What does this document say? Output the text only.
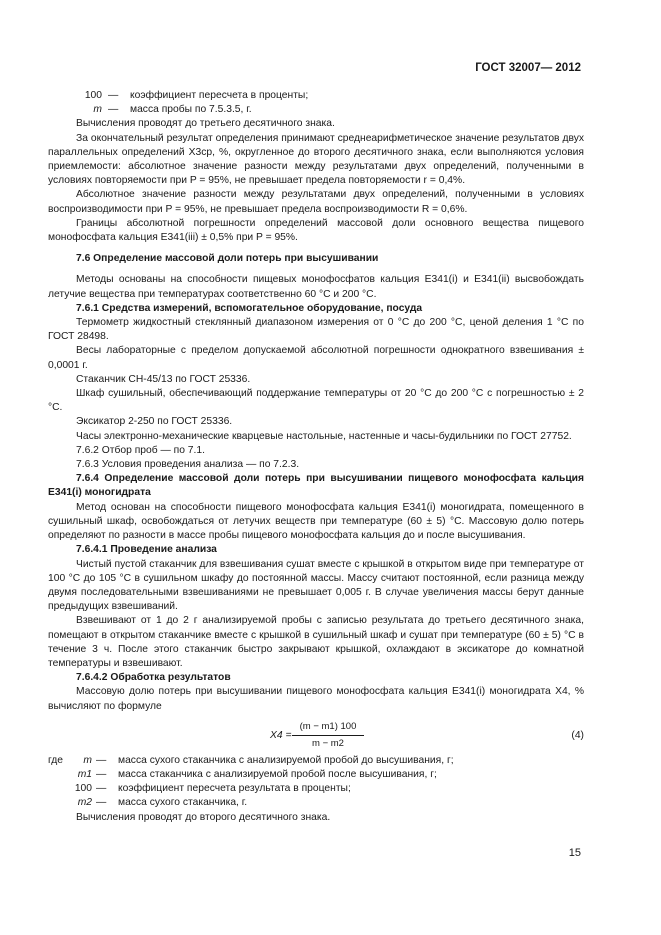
ГОСТ 32007— 2012
100 —	коэффициент пересчета в проценты;
m —	масса пробы по 7.5.3.5, г.

Вычисления проводят до третьего десятичного знака.

За окончательный результат определения принимают среднеарифметическое значение результатов двух параллельных определений X3ср, %, округленное до второго десятичного знака, если выполняются условия приемлемости: абсолютное значение разности между результатами двух определений, полученными в условиях повторяемости при P = 95%, не превышает предела повторяемости r = 0,4%.

Абсолютное значение разности между результатами двух определений, полученными в условиях воспроизводимости при P = 95%, не превышает предела воспроизводимости R = 0,6%.

Границы абсолютной погрешности определений массовой доли основного вещества пищевого монофосфата кальция Е341(iii) ± 0,5% при P = 95%.

7.6 Определение массовой доли потерь при высушивании

Методы основаны на способности пищевых монофосфатов кальция Е341(i) и Е341(ii) высвобождать летучие вещества при температурах соответственно 60 °С и 200 °С.

7.6.1 Средства измерений, вспомогательное оборудование, посуда

Термометр жидкостный стеклянный диапазоном измерения от 0 °С до 200 °С, ценой деления 1 °С по ГОСТ 28498.

Весы лабораторные с пределом допускаемой абсолютной погрешности однократного взвешивания ± 0,0001 г.

Стаканчик СН-45/13 по ГОСТ 25336.

Шкаф сушильный, обеспечивающий поддержание температуры от 20 °С до 200 °С с погрешностью ± 2 °С.

Эксикатор 2-250 по ГОСТ 25336.

Часы электронно-механические кварцевые настольные, настенные и часы-будильники по ГОСТ 27752.

7.6.2 Отбор проб — по 7.1.

7.6.3 Условия проведения анализа — по 7.2.3.

7.6.4 Определение массовой доли потерь при высушивании пищевого монофосфата кальция Е341(i) моногидрата

Метод основан на способности пищевого монофосфата кальция Е341(i) моногидрата, помещенного в сушильный шкаф, освобождаться от летучих веществ при температуре (60 ± 5) °С. Массовую долю потерь определяют по разности в массе пробы пищевого монофосфата кальция до и после высушивания.

7.6.4.1 Проведение анализа

Чистый пустой стаканчик для взвешивания сушат вместе с крышкой в открытом виде при температуре от 100 °С до 105 °С в сушильном шкафу до постоянной массы. Массу считают постоянной, если разница между двумя последовательными взвешиваниями не превышает 0,005 г. В случае увеличения массы берут данные предыдущих взвешиваний.

Взвешивают от 1 до 2 г анализируемой пробы с записью результата до третьего десятичного знака, помещают в открытом стаканчике вместе с крышкой в сушильный шкаф и сушат при температуре (60 ± 5) °С в течение 3 ч. После этого стаканчик быстро закрывают крышкой, охлаждают в эксикаторе до комнатной температуры и взвешивают.

7.6.4.2 Обработка результатов

Массовую долю потерь при высушивании пищевого монофосфата кальция Е341(i) моногидрата X4, % вычисляют по формуле

$X4 = \frac{(m - m1) 100}{m - m2}$	(4)
где	m —	масса сухого стаканчика с анализируемой пробой до высушивания, г;
m1 —	масса стаканчика с анализируемой пробой после высушивания, г;
100 —	коэффициент пересчета результата в проценты;
m2 —	масса сухого стаканчика, г.

Вычисления проводят до второго десятичного знака.

15
